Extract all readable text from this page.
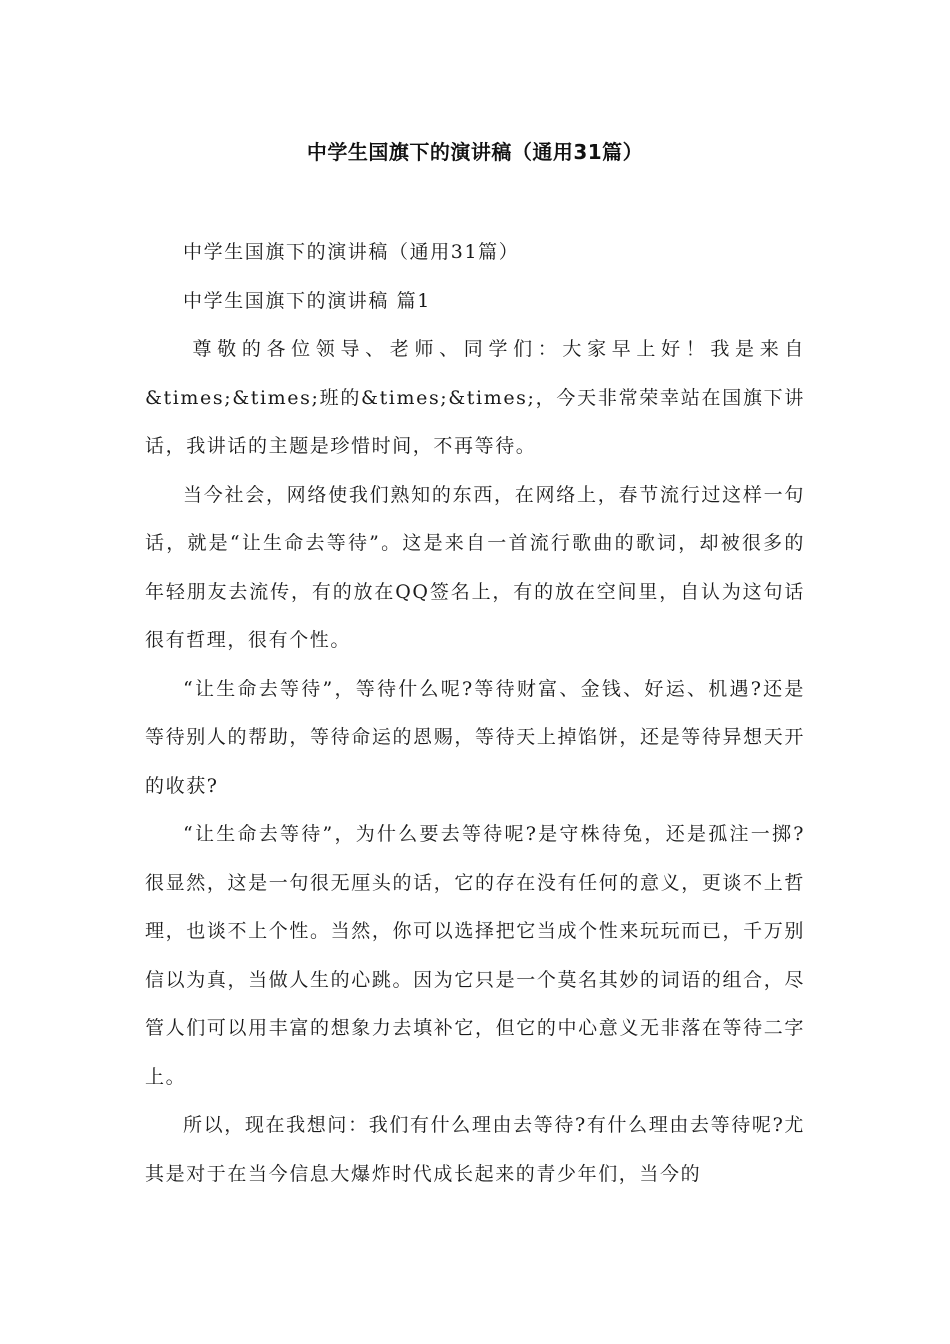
中学生国旗下的演讲稿（通用31篇）

中学生国旗下的演讲稿（通用31篇）

中学生国旗下的演讲稿 篇1

尊敬的各位领导、老师、同学们：大家早上好！我是来自&times;&times;班的&times;&times;，今天非常荣幸站在国旗下讲话，我讲话的主题是珍惜时间，不再等待。

当今社会，网络使我们熟知的东西，在网络上，春节流行过这样一句话，就是“让生命去等待”。这是来自一首流行歌曲的歌词，却被很多的年轻朋友去流传，有的放在QQ签名上，有的放在空间里，自认为这句话很有哲理，很有个性。

“让生命去等待”，等待什么呢?等待财富、金钱、好运、机遇?还是等待别人的帮助，等待命运的恩赐，等待天上掉馅饼，还是等待异想天开的收获?

“让生命去等待”，为什么要去等待呢?是守株待兔，还是孤注一掷?很显然，这是一句很无厘头的话，它的存在没有任何的意义，更谈不上哲理，也谈不上个性。当然，你可以选择把它当成个性来玩玩而已，千万别信以为真，当做人生的心跳。因为它只是一个莫名其妙的词语的组合，尽管人们可以用丰富的想象力去填补它，但它的中心意义无非落在等待二字上。

所以，现在我想问：我们有什么理由去等待?有什么理由去等待呢?尤其是对于在当今信息大爆炸时代成长起来的青少年们，当今的
